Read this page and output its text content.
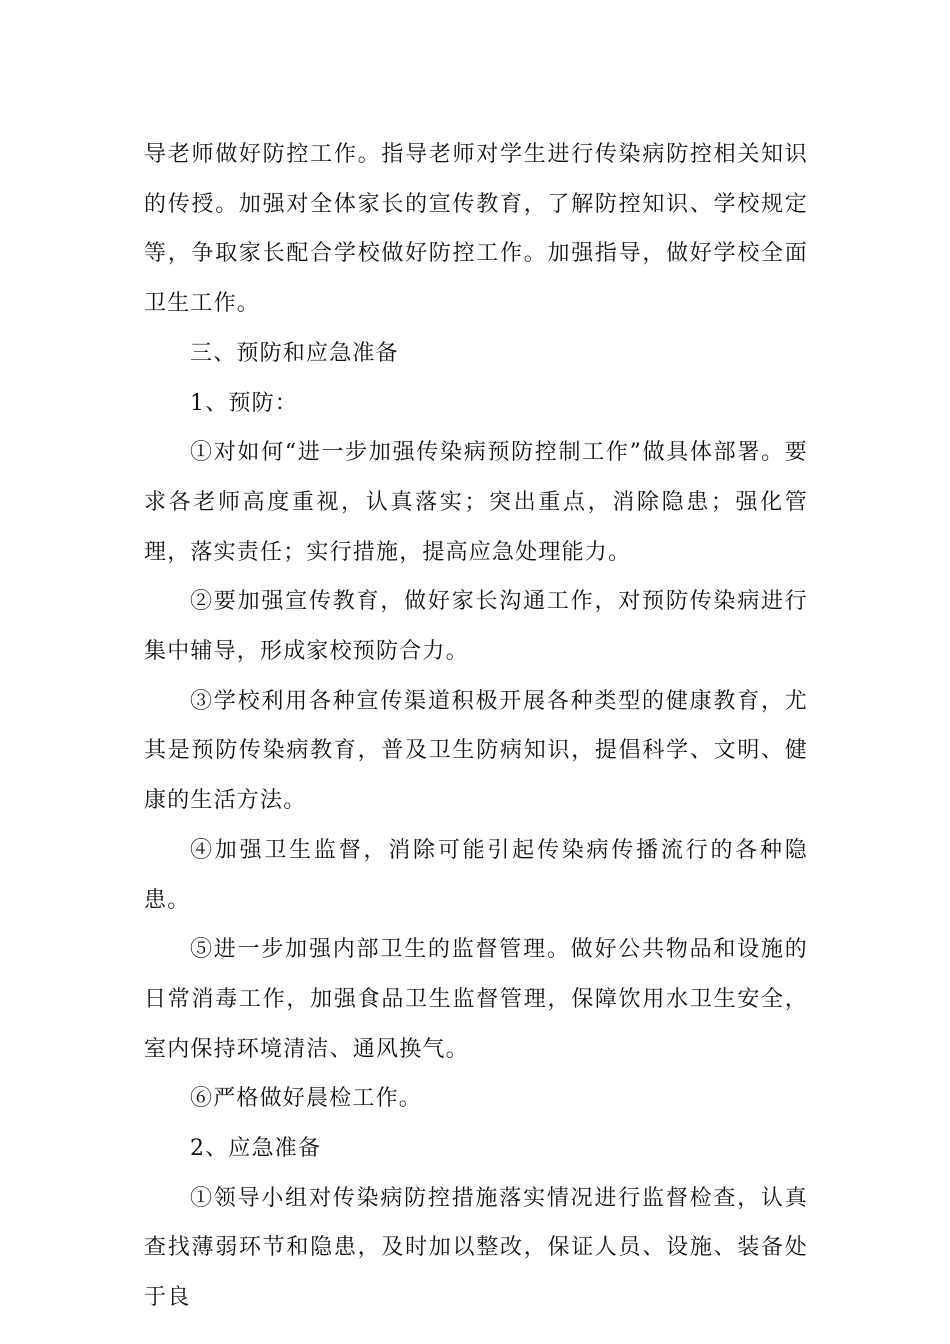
导老师做好防控工作。指导老师对学生进行传染病防控相关知识的传授。加强对全体家长的宣传教育，了解防控知识、学校规定等，争取家长配合学校做好防控工作。加强指导，做好学校全面卫生工作。

三、预防和应急准备

1、预防：

①对如何“进一步加强传染病预防控制工作”做具体部署。要求各老师高度重视，认真落实；突出重点，消除隐患；强化管理，落实责任；实行措施，提高应急处理能力。

②要加强宣传教育，做好家长沟通工作，对预防传染病进行集中辅导，形成家校预防合力。

③学校利用各种宣传渠道积极开展各种类型的健康教育，尤其是预防传染病教育，普及卫生防病知识，提倡科学、文明、健康的生活方法。

④加强卫生监督，消除可能引起传染病传播流行的各种隐患。

⑤进一步加强内部卫生的监督管理。做好公共物品和设施的日常消毒工作，加强食品卫生监督管理，保障饮用水卫生安全，室内保持环境清洁、通风换气。

⑥严格做好晨检工作。

2、应急准备

①领导小组对传染病防控措施落实情况进行监督检查，认真查找薄弱环节和隐患，及时加以整改，保证人员、设施、装备处于良
